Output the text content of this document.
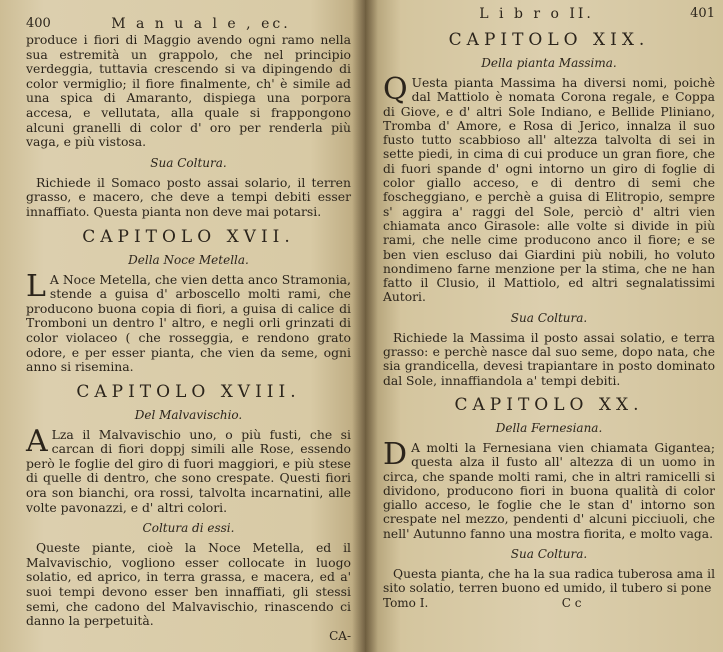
400	M a n u a l e , ec.

produce i fiori di Maggio avendo ogni ramo nella sua estremità un grappolo, che nel principio verdeggia, tuttavia crescendo si va dipingendo di color vermiglio; il fiore finalmente, ch' è simile ad una spica di Amaranto, dispiega una porpora accesa, e vellutata, alla quale si frappongono alcuni granelli di color d' oro per renderla più vaga, e più vistosa.

Sua Coltura.

Richiede il Somaco posto assai solario, il terren grasso, e macero, che deve a tempi debiti esser innaffiato. Questa pianta non deve mai potarsi.

CAPITOLO XVII.
Della Noce Metella.

L A Noce Metella, che vien detta anco Stramonia, stende a guisa d' arboscello molti rami, che producono buona copia di fiori, a guisa di calice di Tromboni un dentro l' altro, e negli orli grinzati di color violaceo ( che rosseggia, e rendono grato odore, e per esser pianta, che vien da seme, ogni anno si risemina.

CAPITOLO XVIII.
Del Malvavischio.

A Lza il Malvavischio uno, o più fusti, che si carcan di fiori doppj simili alle Rose, essendo però le foglie del giro di fuori maggiori, e più stese di quelle di dentro, che sono crespate. Questi fiori ora son bianchi, ora rossi, talvolta incarnatini, alle volte pavonazzi, e d' altri colori.

Coltura di essi.

Queste piante, cioè la Noce Metella, ed il Malvavischio, vogliono esser collocate in luogo solatio, ed aprico, in terra grassa, e macera, ed a' suoi tempi devono esser ben innaffiati, gli stessi semi, che cadono del Malvavischio, rinascendo ci danno la perpetuità.

CA-
L i b r o II.	401
CAPITOLO XIX.
Della pianta Massima.

Q Uesta pianta Massima ha diversi nomi, poichè dal Mattiolo è nomata Corona regale, e Coppa di Giove, e d' altri Sole Indiano, e Bellide Pliniano, Tromba d' Amore, e Rosa di Jerico, innalza il suo fusto tutto scabbioso all' altezza talvolta di sei in sette piedi, in cima di cui produce un gran fiore, che di fuori spande d' ogni intorno un giro di foglie di color giallo acceso, e di dentro di semi che foscheggiano, e perchè a guisa di Elitropio, sempre s' aggira a' raggi del Sole, perciò d' altri vien chiamata anco Girasole: alle volte si divide in più rami, che nelle cime producono anco il fiore; e se ben vien escluso dai Giardini più nobili, ho voluto nondimeno farne menzione per la stima, che ne han fatto il Clusio, il Mattiolo, ed altri segnalatissimi Autori.

Sua Coltura.

Richiede la Massima il posto assai solatio, e terra grasso: e perchè nasce dal suo seme, dopo nata, che sia grandicella, devesi trapiantare in posto dominato dal Sole, innaffiandola a' tempi debiti.

CAPITOLO XX.
Della Fernesiana.

D A molti la Fernesiana vien chiamata Gigantea; questa alza il fusto all' altezza di un uomo in circa, che spande molti rami, che in altri ramicelli si dividono, producono fiori in buona qualità di color giallo acceso, le foglie che le stan d' intorno son crespate nel mezzo, pendenti d' alcuni picciuoli, che nell' Autunno fanno una mostra fiorita, e molto vaga.

Sua Coltura.

Questa pianta, che ha la sua radica tuberosa ama il sito solatio, terren buono ed umido, il tubero si pone

Tomo I.	C c
